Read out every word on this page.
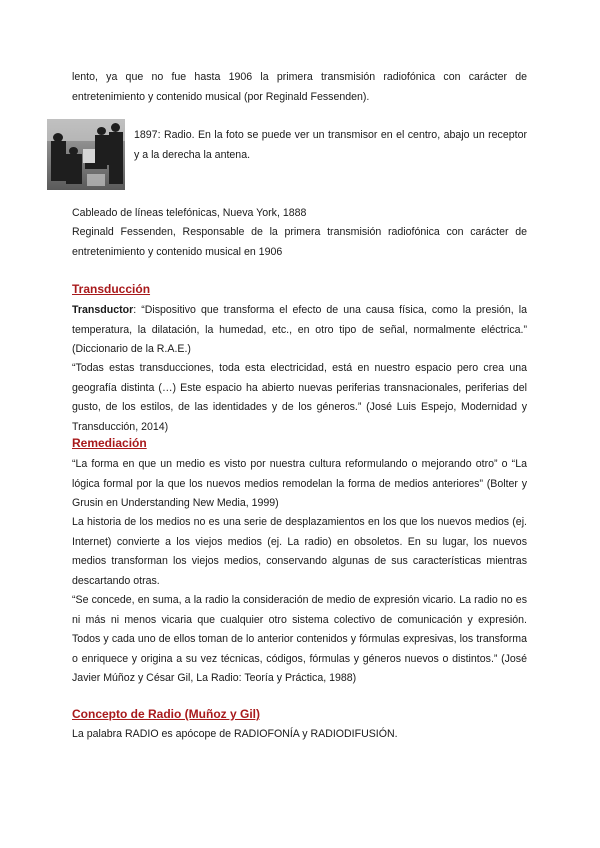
lento, ya que no fue hasta 1906 la primera transmisión radiofónica con carácter de entretenimiento y contenido musical (por Reginald Fessenden).

1897: Radio. En la foto se puede ver un transmisor en el centro, abajo un receptor y a la derecha la antena.

Cableado de líneas telefónicas, Nueva York, 1888

Reginald Fessenden, Responsable de la primera transmisión radiofónica con carácter de entretenimiento y contenido musical en 1906

Transducción

Transductor: “Dispositivo que transforma el efecto de una causa física, como la presión, la temperatura, la dilatación, la humedad, etc., en otro tipo de señal, normalmente eléctrica.” (Diccionario de la R.A.E.)

“Todas estas transducciones, toda esta electricidad, está en nuestro espacio pero crea una geografía distinta (…) Este espacio ha abierto nuevas periferias transnacionales, periferias del gusto, de los estilos, de las identidades y de los géneros.” (José Luis Espejo, Modernidad y Transducción, 2014)

Remediación

“La forma en que un medio es visto por nuestra cultura reformulando o mejorando otro” o “La lógica formal por la que los nuevos medios remodelan la forma de medios anteriores” (Bolter y Grusin en Understanding New Media, 1999)

La historia de los medios no es una serie de desplazamientos en los que los nuevos medios (ej. Internet) convierte a los viejos medios (ej. La radio) en obsoletos. En su lugar, los nuevos medios transforman los viejos medios, conservando algunas de sus características mientras descartando otras.

“Se concede, en suma, a la radio la consideración de medio de expresión vicario. La radio no es ni más ni menos vicaria que cualquier otro sistema colectivo de comunicación y expresión. Todos y cada uno de ellos toman de lo anterior contenidos y fórmulas expresivas, los transforma o enriquece y origina a su vez técnicas, códigos, fórmulas y géneros nuevos o distintos.” (José Javier Múñoz y César Gil, La Radio: Teoría y Práctica, 1988)

Concepto de Radio (Muñoz y Gil)

La palabra RADIO es apócope de RADIOFONÍA y RADIODIFUSIÓN.
